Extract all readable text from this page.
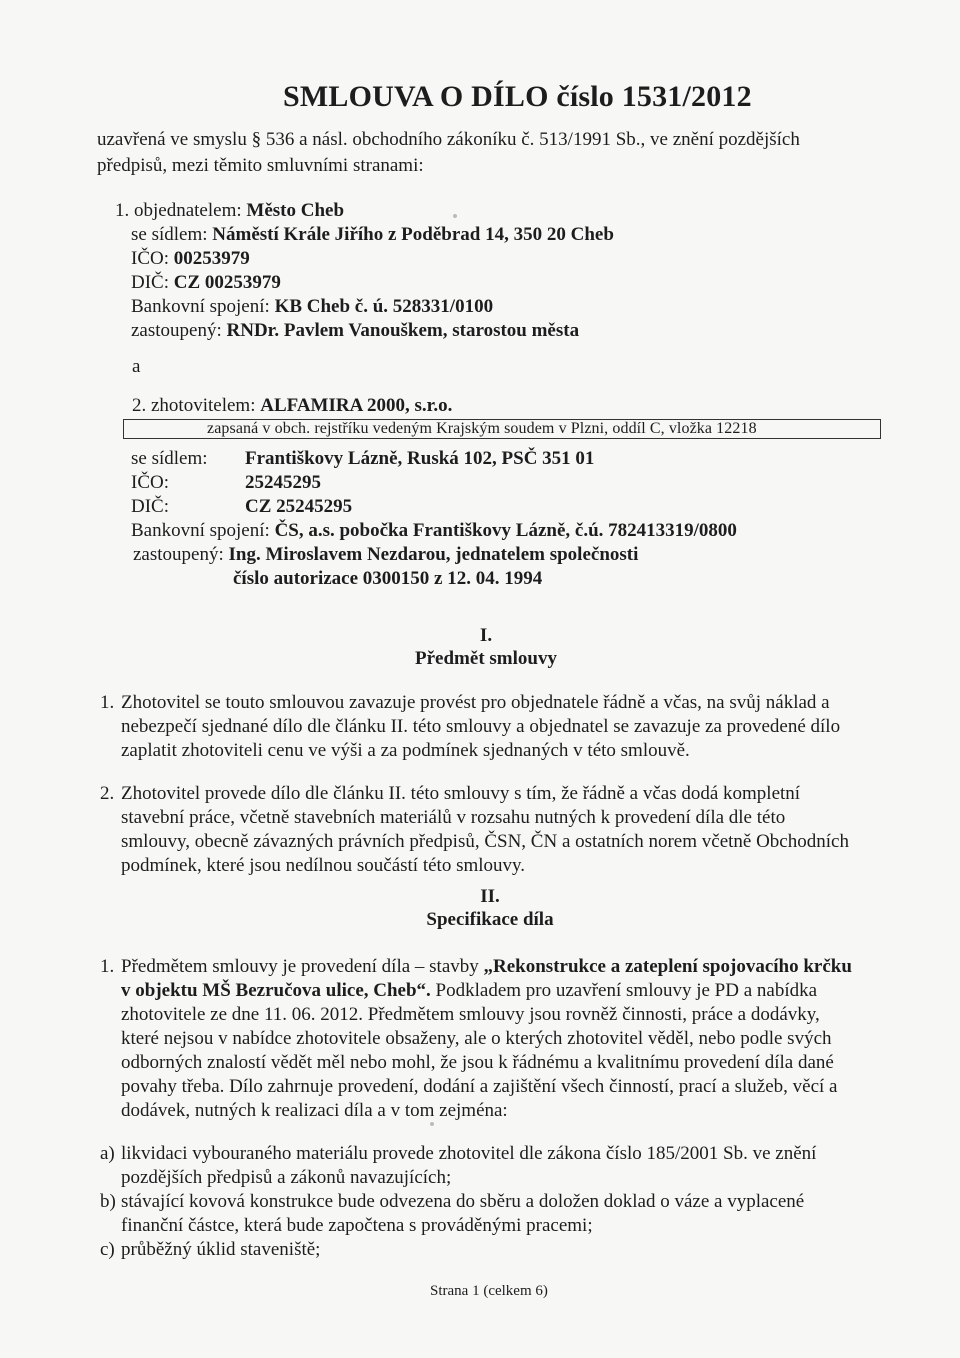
SMLOUVA O DÍLO číslo 1531/2012
uzavřená ve smyslu § 536 a násl. obchodního zákoníku č. 513/1991 Sb., ve znění pozdějších
předpisů, mezi těmito smluvními stranami:
1. objednatelem: Město Cheb
se sídlem: Náměstí Krále Jiřího z Poděbrad 14, 350 20 Cheb
IČO: 00253979
DIČ: CZ 00253979
Bankovní spojení: KB Cheb č. ú. 528331/0100
zastoupený: RNDr. Pavlem Vanouškem, starostou města
a
2. zhotovitelem: ALFAMIRA 2000, s.r.o.
zapsaná v obch. rejstříku vedeným Krajským soudem v Plzni, oddíl C, vložka 12218
se sídlem: Františkovy Lázně, Ruská 102, PSČ 351 01
IČO:	25245295
DIČ:	CZ 25245295
Bankovní spojení: ČS, a.s. pobočka Františkovy Lázně, č.ú. 782413319/0800
zastoupený: Ing. Miroslavem Nezdarou, jednatelem společnosti
číslo autorizace 0300150 z 12. 04. 1994
I.
Předmět smlouvy
1. Zhotovitel se touto smlouvou zavazuje provést pro objednatele řádně a včas, na svůj náklad a
nebezpečí sjednané dílo dle článku II. této smlouvy a objednatel se zavazuje za provedené dílo
zaplatit zhotoviteli cenu ve výši a za podmínek sjednaných v této smlouvě.
2. Zhotovitel provede dílo dle článku II. této smlouvy s tím, že řádně a včas dodá kompletní
stavební práce, včetně stavebních materiálů v rozsahu nutných k provedení díla dle této
smlouvy, obecně závazných právních předpisů, ČSN, ČN a ostatních norem včetně Obchodních
podmínek, které jsou nedílnou součástí této smlouvy.
II.
Specifikace díla
1. Předmětem smlouvy je provedení díla – stavby „Rekonstrukce a zateplení spojovacího krčku
v objektu MŠ Bezručova ulice, Cheb“. Podkladem pro uzavření smlouvy je PD a nabídka
zhotovitele ze dne 11. 06. 2012. Předmětem smlouvy jsou rovněž činnosti, práce a dodávky,
které nejsou v nabídce zhotovitele obsaženy, ale o kterých zhotovitel věděl, nebo podle svých
odborných znalostí vědět měl nebo mohl, že jsou k řádnému a kvalitnímu provedení díla dané
povahy třeba. Dílo zahrnuje provedení, dodání a zajištění všech činností, prací a služeb, věcí a
dodávek, nutných k realizaci díla a v tom zejména:
a) likvidaci vybouraného materiálu provede zhotovitel dle zákona číslo 185/2001 Sb. ve znění
pozdějších předpisů a zákonů navazujících;
b) stávající kovová konstrukce bude odvezena do sběru a doložen doklad o váze a vyplacené
finanční částce, která bude započtena s prováděnými pracemi;
c) průběžný úklid staveniště;
Strana 1 (celkem 6)
